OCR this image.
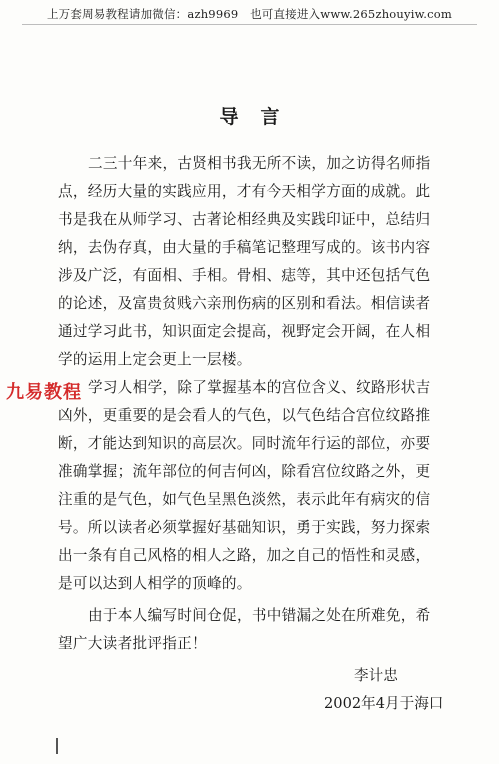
上万套周易教程请加微信：azh9969　也可直接进入www.265zhouyiw.com
导言
二三十年来，古贤相书我无所不读，加之访得名师指
点，经历大量的实践应用，才有今天相学方面的成就。此
书是我在从师学习、古著论相经典及实践印证中，总结归
纳，去伪存真，由大量的手稿笔记整理写成的。该书内容
涉及广泛，有面相、手相。骨相、痣等，其中还包括气色
的论述，及富贵贫贱六亲刑伤病的区别和看法。相信读者
通过学习此书，知识面定会提高，视野定会开阔，在人相
学的运用上定会更上一层楼。
学习人相学，除了掌握基本的宫位含义、纹路形状吉
凶外，更重要的是会看人的气色，以气色结合宫位纹路推
断，才能达到知识的高层次。同时流年行运的部位，亦要
准确掌握；流年部位的何吉何凶，除看宫位纹路之外，更
注重的是气色，如气色呈黑色淡然，表示此年有病灾的信
号。所以读者必须掌握好基础知识，勇于实践，努力探索
出一条有自己风格的相人之路，加之自己的悟性和灵感，
是可以达到人相学的顶峰的。
由于本人编写时间仓促，书中错漏之处在所难免，希
望广大读者批评指正！
九易教程
李计忠
2002年4月于海口
